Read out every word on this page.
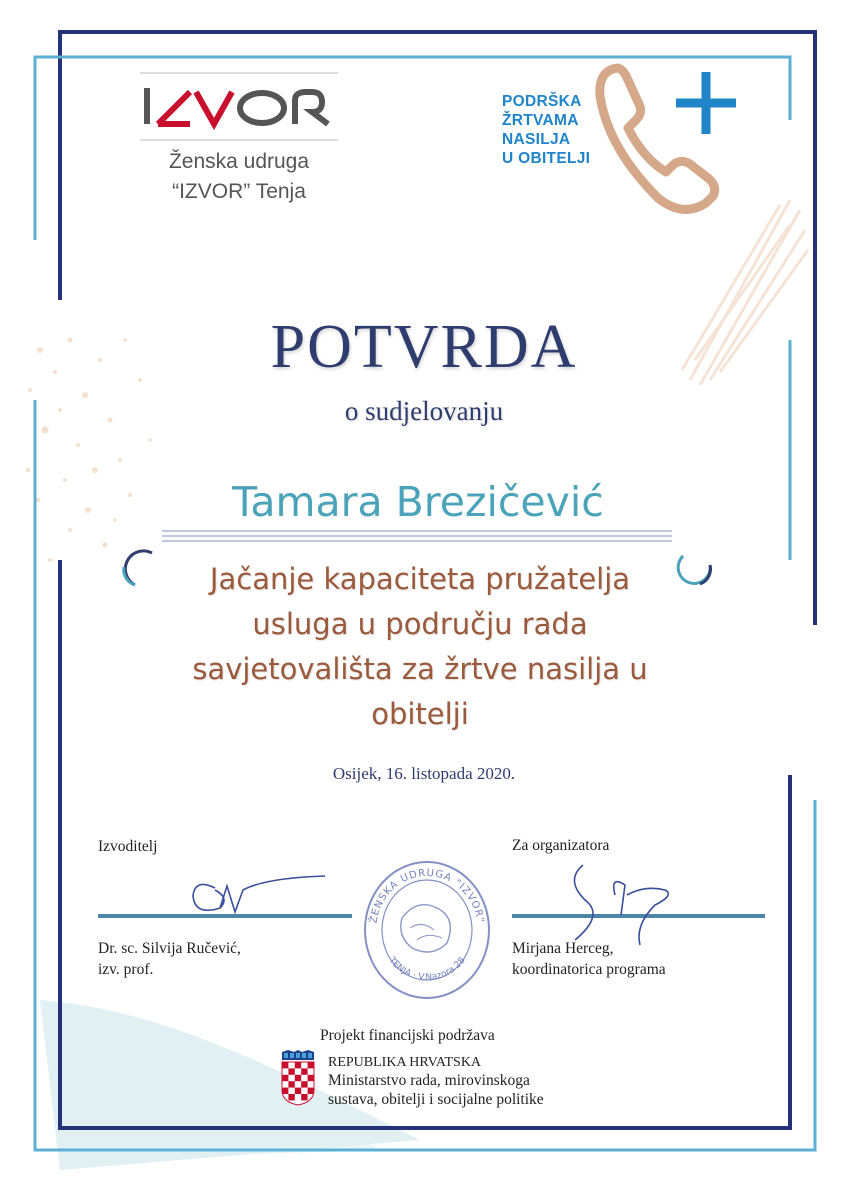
Ženska udruga
“IZVOR” Tenja
PODRŠKA
ŽRTVAMA
NASILJA
U OBITELJI
POTVRDA
o sudjelovanju
Tamara Brezičević
Jačanje kapaciteta pružatelja
usluga u području rada
savjetovališta za žrtve nasilja u
obitelji
Osijek, 16. listopada 2020.
Izvoditelj
Dr. sc. Silvija Ručević,
izv. prof.
Za organizatora
Mirjana Herceg,
koordinatorica programa
ŽENSKA UDRUGA "IZVOR"
TENJA · V.Nazora 28
Projekt financijski podržava
REPUBLIKA HRVATSKA
Ministarstvo rada, mirovinskoga
sustava, obitelji i socijalne politike
